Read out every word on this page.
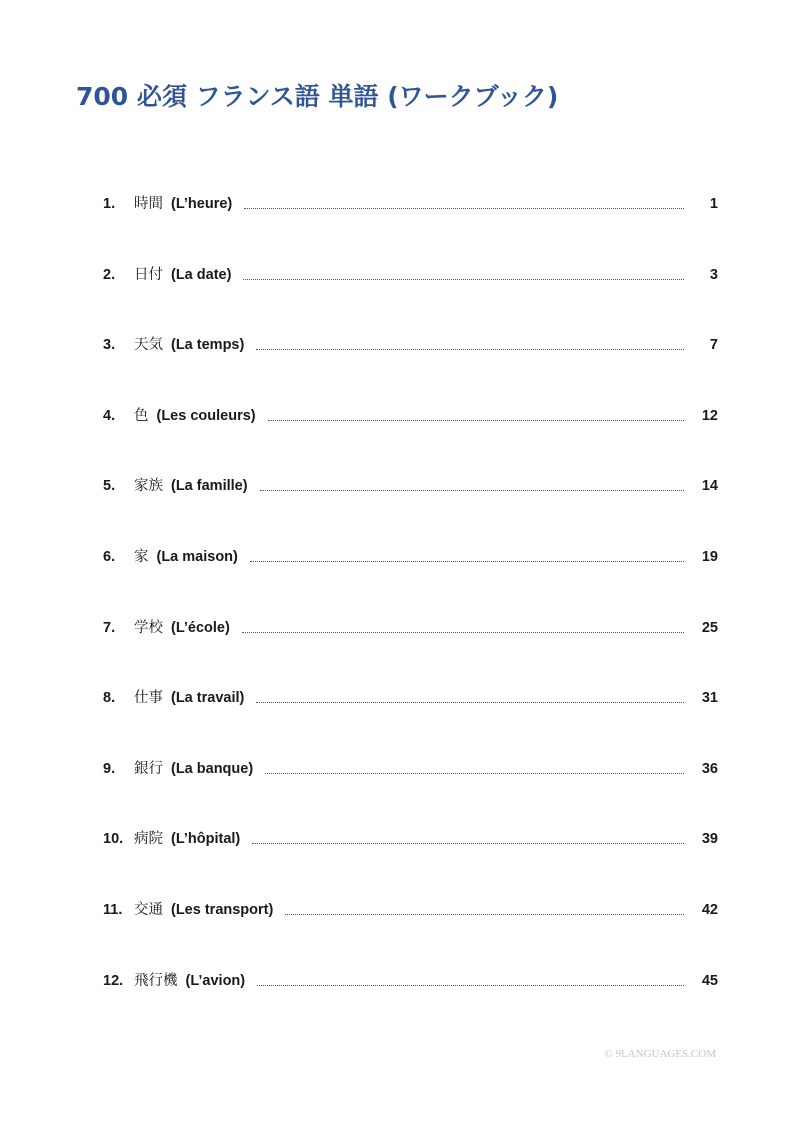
700 必須 フランス語 単語 (ワークブック)
1.	時間 (L’heure)	1
2.	日付 (La date)	3
3.	天気 (La temps)	7
4.	色 (Les couleurs)	12
5.	家族 (La famille)	14
6.	家 (La maison)	19
7.	学校 (L’école)	25
8.	仕事 (La travail)	31
9.	銀行 (La banque)	36
10. 病院 (L’hôpital)	39
11. 交通 (Les transport)	42
12. 飛行機 (L’avion)	45
© 9LANGUAGES.COM
